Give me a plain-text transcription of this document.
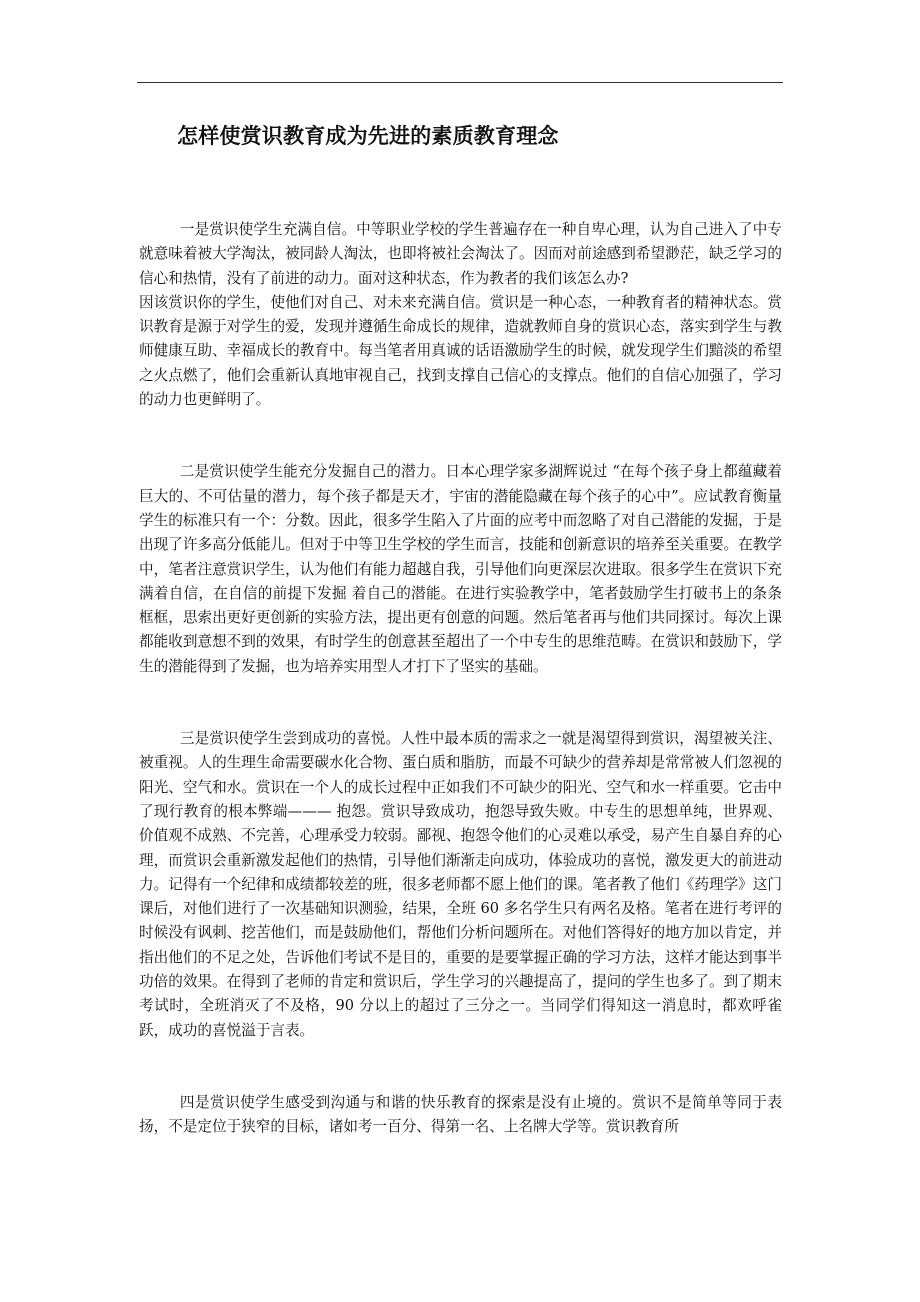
怎样使赏识教育成为先进的素质教育理念

一是赏识使学生充满自信。中等职业学校的学生普遍存在一种自卑心理，认为自己进入了中专就意味着被大学淘汰，被同龄人淘汰，也即将被社会淘汰了。因而对前途感到希望渺茫，缺乏学习的信心和热情，没有了前进的动力。面对这种状态，作为教者的我们该怎么办?

因该赏识你的学生，使他们对自己、对未来充满自信。赏识是一种心态，一种教育者的精神状态。赏识教育是源于对学生的爱，发现并遵循生命成长的规律，造就教师自身的赏识心态，落实到学生与教师健康互助、幸福成长的教育中。每当笔者用真诚的话语激励学生的时候，就发现学生们黯淡的希望之火点燃了，他们会重新认真地审视自己，找到支撑自己信心的支撑点。他们的自信心加强了，学习的动力也更鲜明了。

二是赏识使学生能充分发掘自己的潜力。日本心理学家多湖辉说过 “在每个孩子身上都蕴藏着巨大的、不可估量的潜力，每个孩子都是天才，宇宙的潜能隐藏在每个孩子的心中”。应试教育衡量学生的标准只有一个：分数。因此，很多学生陷入了片面的应考中而忽略了对自己潜能的发掘，于是出现了许多高分低能儿。但对于中等卫生学校的学生而言，技能和创新意识的培养至关重要。在教学中，笔者注意赏识学生，认为他们有能力超越自我，引导他们向更深层次进取。很多学生在赏识下充满着自信，在自信的前提下发掘 着自己的潜能。在进行实验教学中，笔者鼓励学生打破书上的条条框框，思索出更好更创新的实验方法，提出更有创意的问题。然后笔者再与他们共同探讨。每次上课都能收到意想不到的效果，有时学生的创意甚至超出了一个中专生的思维范畴。在赏识和鼓励下，学生的潜能得到了发掘，也为培养实用型人才打下了坚实的基础。

三是赏识使学生尝到成功的喜悦。人性中最本质的需求之一就是渴望得到赏识，渴望被关注、被重视。人的生理生命需要碳水化合物、蛋白质和脂肪，而最不可缺少的营养却是常常被人们忽视的阳光、空气和水。赏识在一个人的成长过程中正如我们不可缺少的阳光、空气和水一样重要。它击中了现行教育的根本弊端——— 抱怨。赏识导致成功，抱怨导致失败。中专生的思想单纯，世界观、价值观不成熟、不完善，心理承受力较弱。鄙视、抱怨令他们的心灵难以承受，易产生自暴自弃的心理，而赏识会重新激发起他们的热情，引导他们渐渐走向成功，体验成功的喜悦，激发更大的前进动力。记得有一个纪律和成绩都较差的班，很多老师都不愿上他们的课。笔者教了他们《药理学》这门课后，对他们进行了一次基础知识测验，结果，全班 60 多名学生只有两名及格。笔者在进行考评的时候没有讽刺、挖苦他们，而是鼓励他们，帮他们分析问题所在。对他们答得好的地方加以肯定，并指出他们的不足之处，告诉他们考试不是目的，重要的是要掌握正确的学习方法，这样才能达到事半功倍的效果。在得到了老师的肯定和赏识后，学生学习的兴趣提高了，提问的学生也多了。到了期末考试时，全班消灭了不及格，90 分以上的超过了三分之一。当同学们得知这一消息时，都欢呼雀跃，成功的喜悦溢于言表。

四是赏识使学生感受到沟通与和谐的快乐教育的探索是没有止境的。赏识不是简单等同于表扬，不是定位于狭窄的目标，诸如考一百分、得第一名、上名牌大学等。赏识教育所
